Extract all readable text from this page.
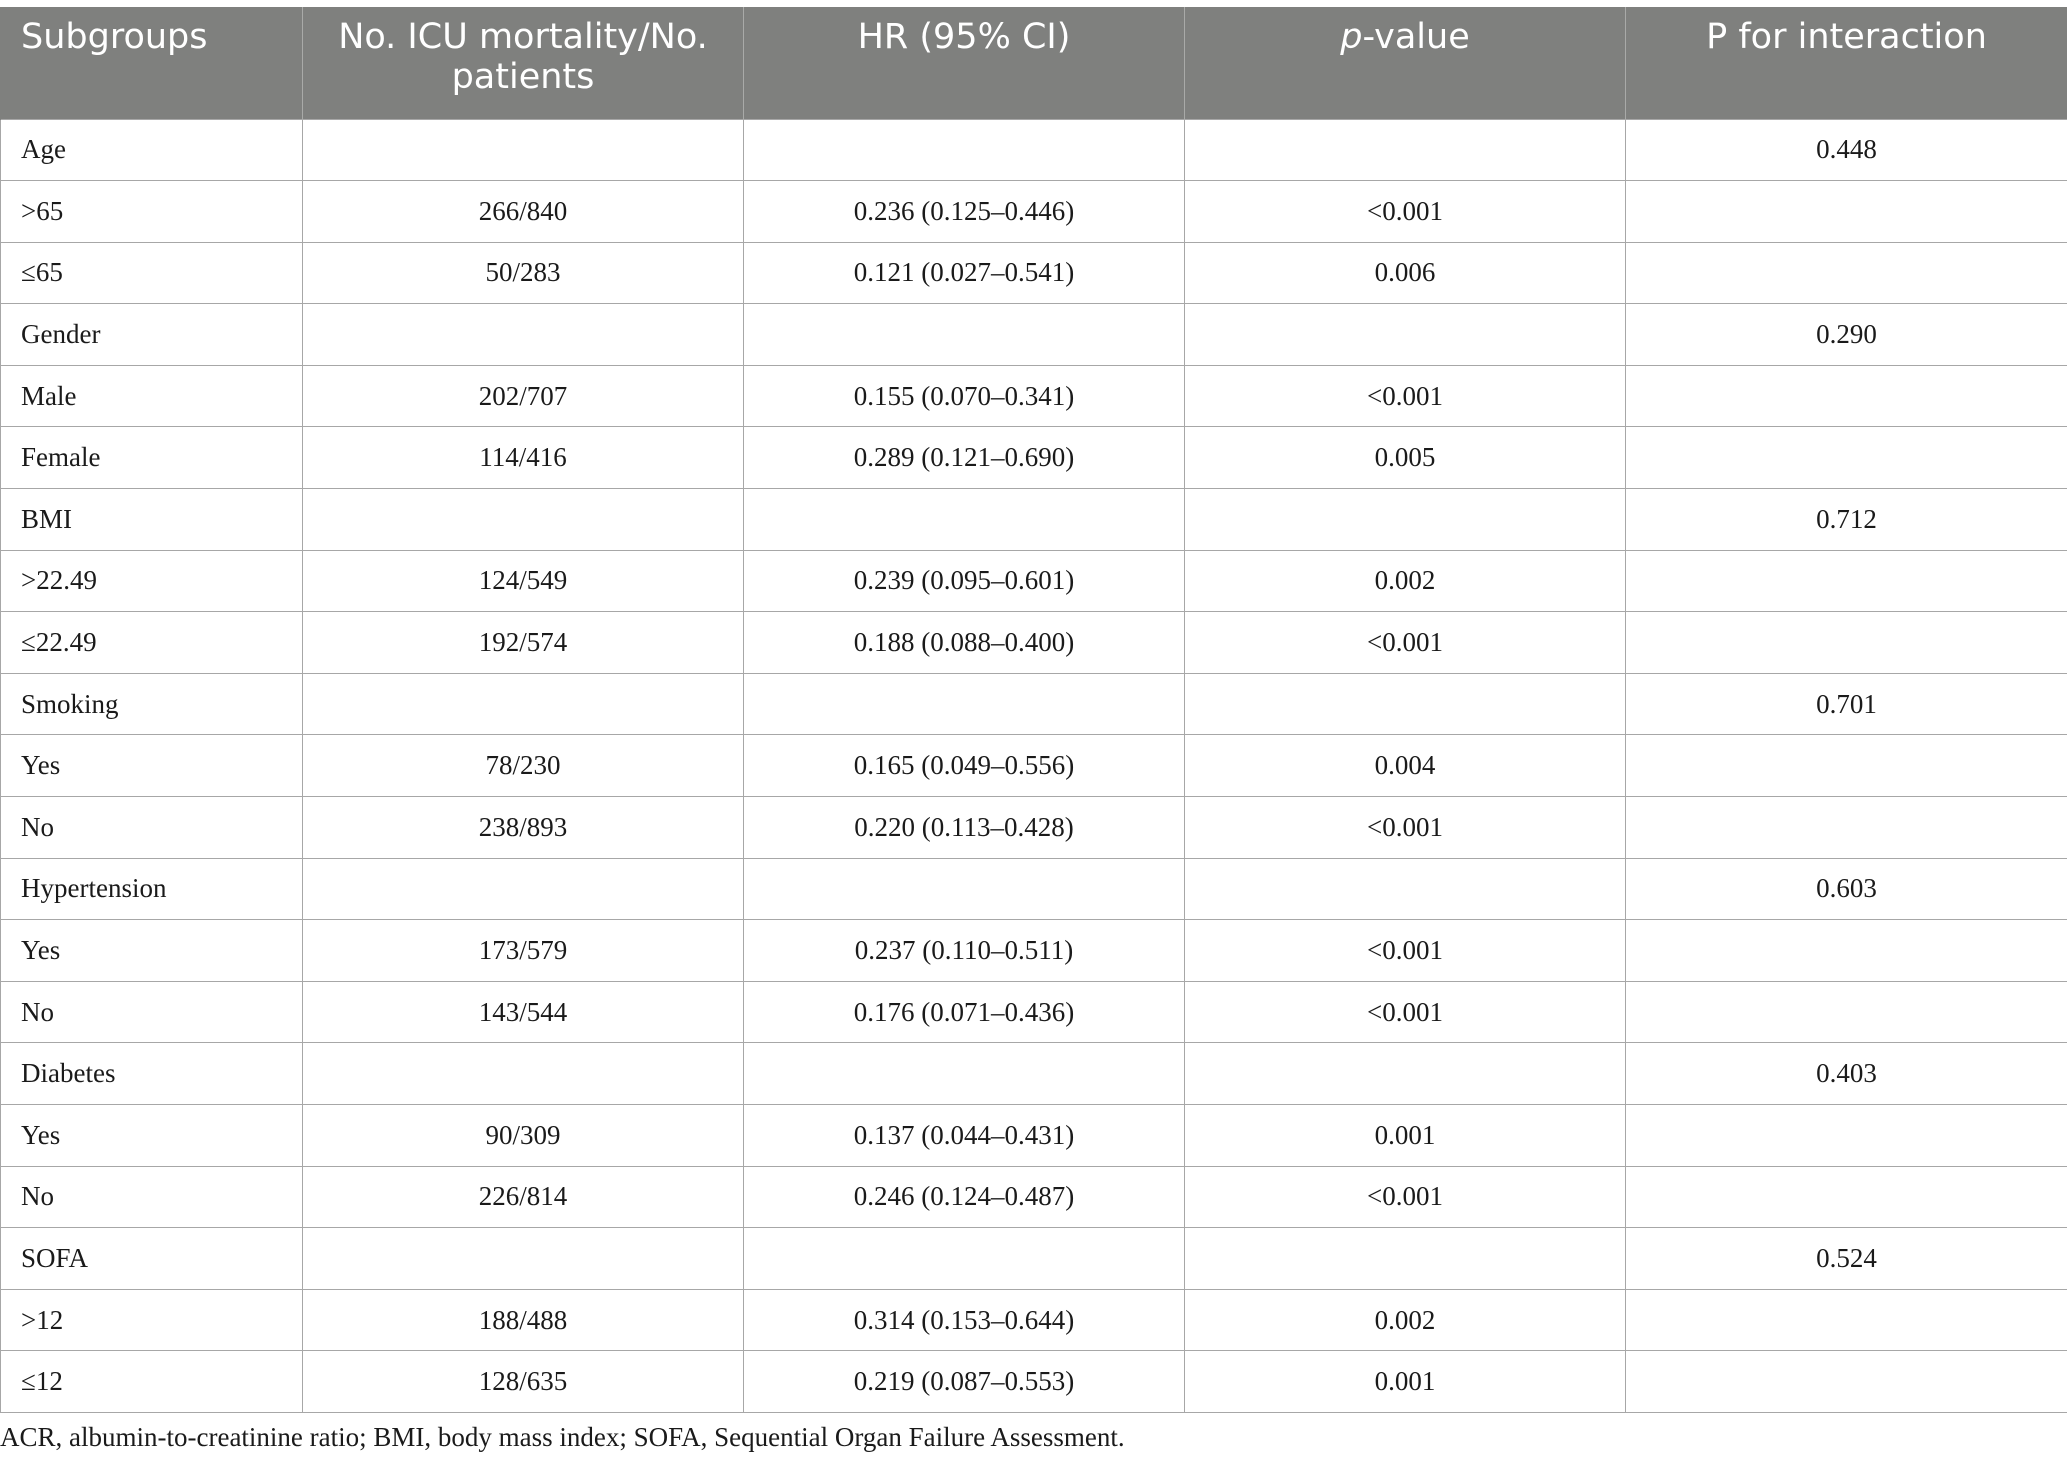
Subgroups	No. ICU mortality/No. patients	HR (95% CI)	p-value	P for interaction
Age				0.448
>65	266/840	0.236 (0.125–0.446)	<0.001	
≤65	50/283	0.121 (0.027–0.541)	0.006	
Gender				0.290
Male	202/707	0.155 (0.070–0.341)	<0.001	
Female	114/416	0.289 (0.121–0.690)	0.005	
BMI				0.712
>22.49	124/549	0.239 (0.095–0.601)	0.002	
≤22.49	192/574	0.188 (0.088–0.400)	<0.001	
Smoking				0.701
Yes	78/230	0.165 (0.049–0.556)	0.004	
No	238/893	0.220 (0.113–0.428)	<0.001	
Hypertension				0.603
Yes	173/579	0.237 (0.110–0.511)	<0.001	
No	143/544	0.176 (0.071–0.436)	<0.001	
Diabetes				0.403
Yes	90/309	0.137 (0.044–0.431)	0.001	
No	226/814	0.246 (0.124–0.487)	<0.001	
SOFA				0.524
>12	188/488	0.314 (0.153–0.644)	0.002	
≤12	128/635	0.219 (0.087–0.553)	0.001	
ACR, albumin-to-creatinine ratio; BMI, body mass index; SOFA, Sequential Organ Failure Assessment.
